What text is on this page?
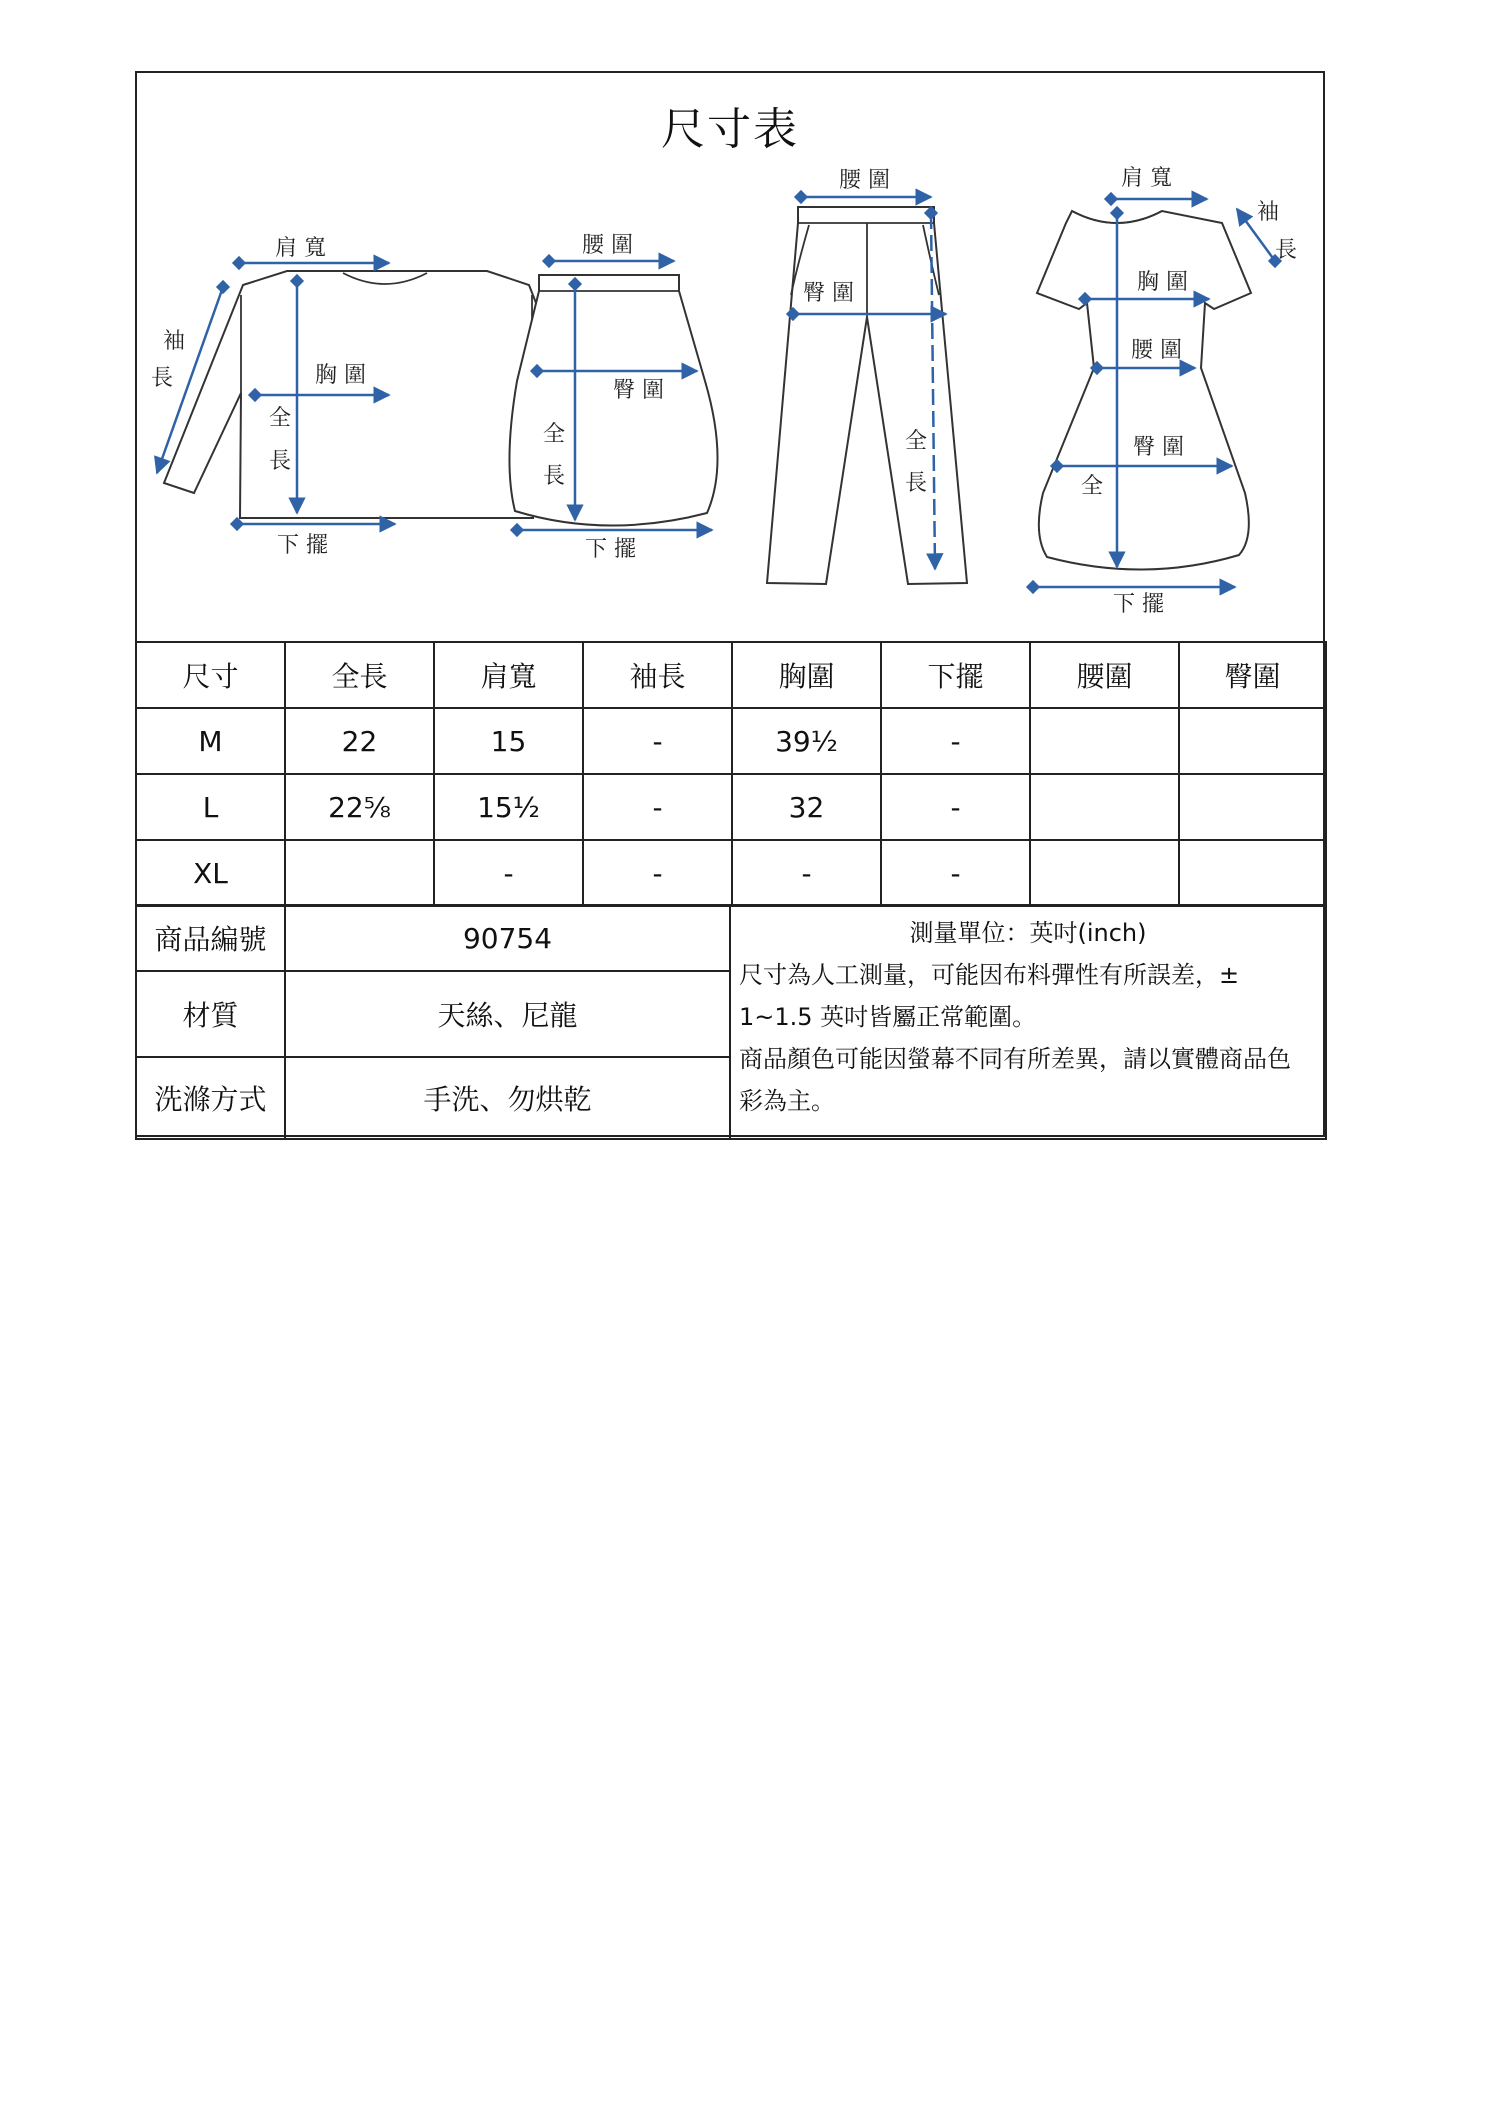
尺寸表
肩 寬
袖
長	胸 圍
全
長
下 擺
腰 圍
臀 圍
全
長
下 擺
腰 圍
臀 圍
全
長
肩 寬
袖
長
胸 圍
腰 圍
臀 圍
全
下 擺
尺寸	全長	肩寬	袖長	胸圍	下擺	腰圍	臀圍
M	22	15	-	39½	-		
L	22⅝	15½	-	32	-		
XL		-	-	-	-		
商品編號	90754	測量單位：英吋(inch)
尺寸為人工測量，可能因布料彈性有所誤差，±
1~1.5 英吋皆屬正常範圍。
商品顏色可能因螢幕不同有所差異，請以實體商品色
彩為主。

材質	天絲、尼龍	
洗滌方式	手洗、勿烘乾	
